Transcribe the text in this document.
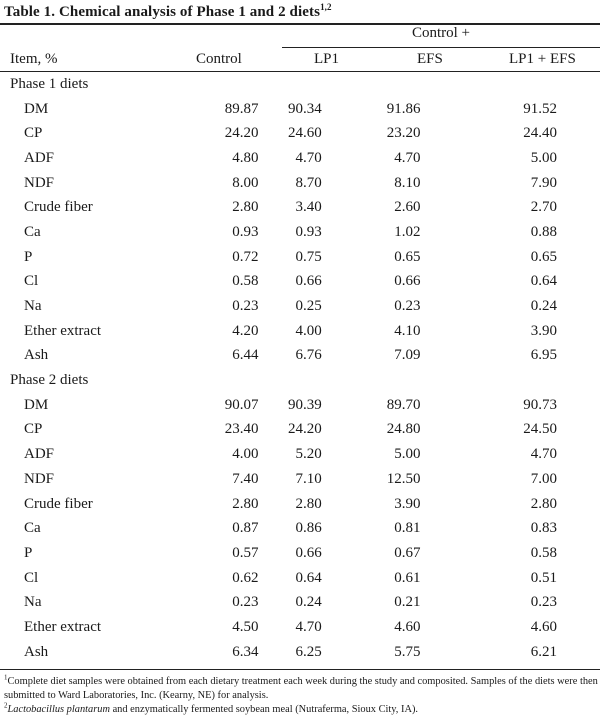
Table 1. Chemical analysis of Phase 1 and 2 diets$^{1,2}$
Control +
Item, %	Control	LP1	EFS	LP1 + EFS
Phase 1 diets				
DM	89.87	90.34	91.86	91.52
CP	24.20	24.60	23.20	24.40
ADF	4.80	4.70	4.70	5.00
NDF	8.00	8.70	8.10	7.90
Crude fiber	2.80	3.40	2.60	2.70
Ca	0.93	0.93	1.02	0.88
P	0.72	0.75	0.65	0.65
Cl	0.58	0.66	0.66	0.64
Na	0.23	0.25	0.23	0.24
Ether extract	4.20	4.00	4.10	3.90
Ash	6.44	6.76	7.09	6.95
Phase 2 diets				
DM	90.07	90.39	89.70	90.73
CP	23.40	24.20	24.80	24.50
ADF	4.00	5.20	5.00	4.70
NDF	7.40	7.10	12.50	7.00
Crude fiber	2.80	2.80	3.90	2.80
Ca	0.87	0.86	0.81	0.83
P	0.57	0.66	0.67	0.58
Cl	0.62	0.64	0.61	0.51
Na	0.23	0.24	0.21	0.23
Ether extract	4.50	4.70	4.60	4.60
Ash	6.34	6.25	5.75	6.21
$^1$Complete diet samples were obtained from each dietary treatment each week during the study and composited. Samples of the diets were then submitted to Ward Laboratories, Inc. (Kearny, NE) for analysis.
$^2$Lactobacillus plantarum and enzymatically fermented soybean meal (Nutraferma, Sioux City, IA).
